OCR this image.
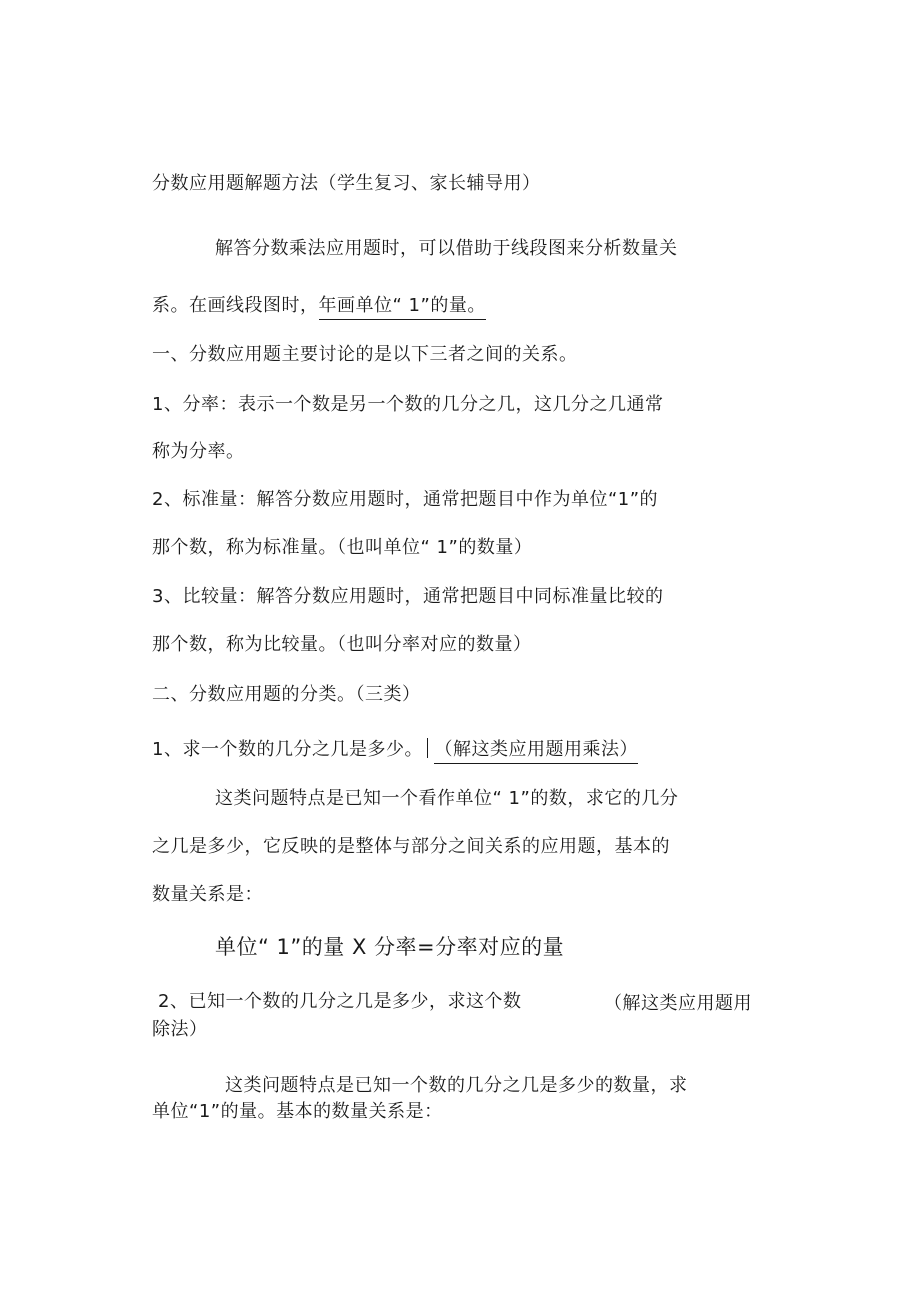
分数应用题解题方法（学生复习、家长辅导用）
解答分数乘法应用题时，可以借助于线段图来分析数量关
系。在画线段图时，年画单位“ 1”的量。
一、分数应用题主要讨论的是以下三者之间的关系。
1、分率：表示一个数是另一个数的几分之几，这几分之几通常
称为分率。
2、标准量：解答分数应用题时，通常把题目中作为单位“1”的
那个数，称为标准量。（也叫单位“ 1”的数量）
3、比较量：解答分数应用题时，通常把题目中同标准量比较的
那个数，称为比较量。（也叫分率对应的数量）
二、分数应用题的分类。（三类）
1、求一个数的几分之几是多少。 （解这类应用题用乘法）
这类问题特点是已知一个看作单位“ 1”的数，求它的几分
之几是多少，它反映的是整体与部分之间关系的应用题，基本的
数量关系是：
单位“ 1”的量 X 分率=分率对应的量
2、已知一个数的几分之几是多少，求这个数	（解这类应用题用
除法）
这类问题特点是已知一个数的几分之几是多少的数量，求
单位“1”的量。基本的数量关系是：
